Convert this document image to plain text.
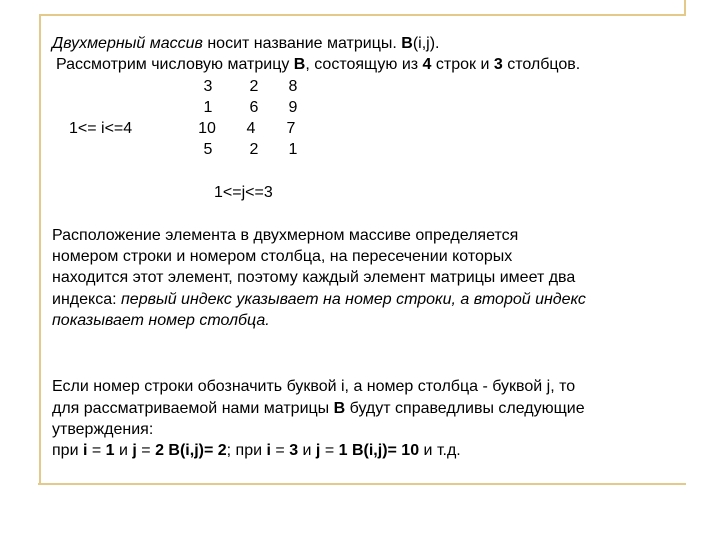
Двухмерный массив носит название матрицы. B(i,j).
Рассмотрим числовую матрицу B, состоящую из 4 строк и 3 столбцов.
3	2	8
1	6	9
10	4	7
5	2	1
1<= i<=4
1<=j<=3
Расположение элемента в двухмерном массиве определяется
номером строки и номером столбца, на пересечении которых
находится этот элемент, поэтому каждый элемент матрицы имеет два
индекса: первый индекс указывает на номер строки, а второй индекс
показывает номер столбца.
Если номер строки обозначить буквой i, а номер столбца - буквой j, то
для рассматриваемой нами матрицы B будут справедливы следующие
утверждения:
при i = 1 и j = 2 B(i,j)= 2; при i = 3 и j = 1 B(i,j)= 10 и т.д.
